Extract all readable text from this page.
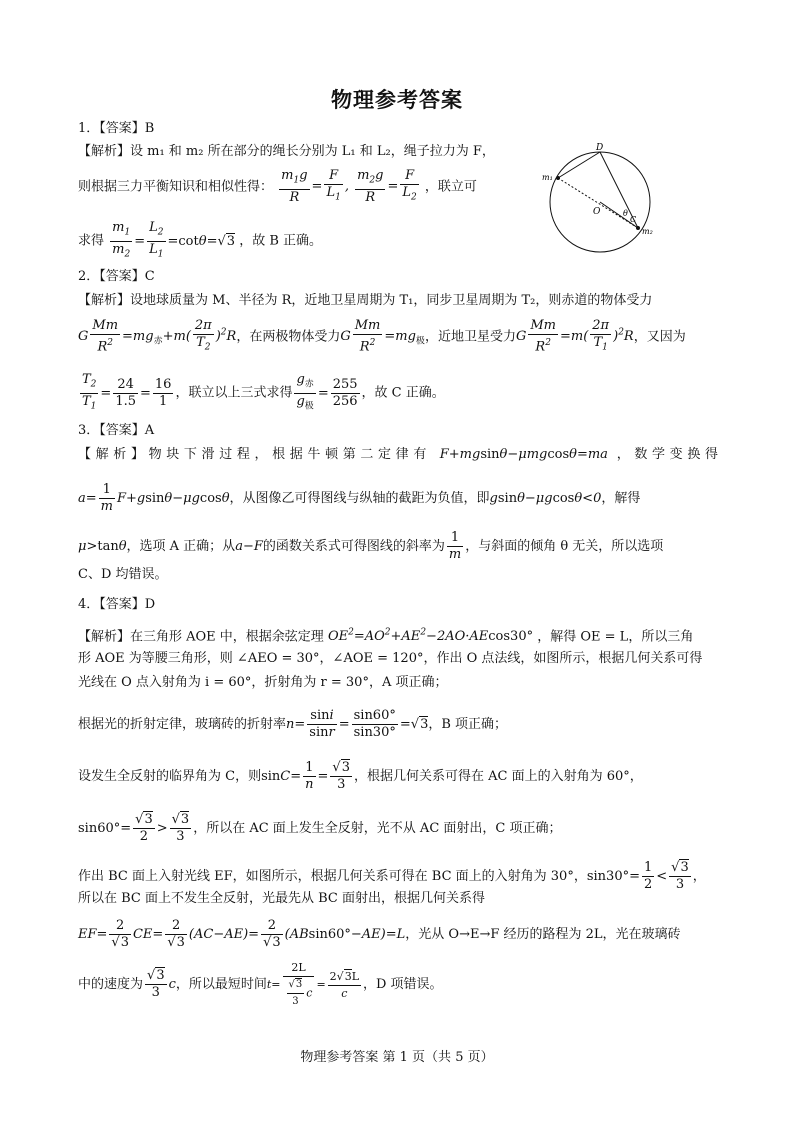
物理参考答案
1．【答案】B
【解析】设 m₁ 和 m₂ 所在部分的绳长分别为 L₁ 和 L₂，绳子拉力为 F，
则根据三力平衡知识和相似性得： $\frac{m_1g}{R} = \frac{F}{L_1}$ , $\frac{m_2g}{R} = \frac{F}{L_2}$ ，联立可
求得 $\frac{m_1}{m_2} = \frac{L_2}{L_1} =\cot\theta=√3$ ，故 B 正确。
D
m₁
O	θ
C
m₂
2．【答案】C
【解析】设地球质量为 M、半径为 R，近地卫星周期为 T₁，同步卫星周期为 T₂，则赤道的物体受力
G $\frac{Mm}{R^2} =mg_赤+m( \frac{2\pi}{T_2} )^2R$，在两极物体受力G $\frac{Mm}{R^2} =mg_极$，近地卫星受力G $\frac{Mm}{R^2} =m( \frac{2\pi}{T_1} )^2R$，又因为
$\frac{T_2}{T_1} = \frac{24}{1.5} = \frac{16}{1}$ ，联立以上三式求得 $\frac{g_赤}{g_极} = \frac{255}{256}$ ，故 C 正确。
3．【答案】A
【解析】物块下滑过程，根据牛顿第二定律有 F+mgsinθ−μmgcosθ=ma ，数学变换得
$a= \frac{1}{m} F+gsin\theta-\mu gcos\theta$，从图像乙可得图线与纵轴的截距为负值，即gsinθ−μgcosθ<0，解得
μ>tanθ，选项 A 正确；从a−F的函数关系式可得图线的斜率为 $\frac{1}{m}$ ，与斜面的倾角 θ 无关，所以选项
C、D 均错误。
4．【答案】D
【解析】在三角形 AOE 中，根据余弦定理 $OE^2=AO^2+AE^2-2AO\cdot AEcos30^\circ$ ，解得 OE = L，所以三角
形 AOE 为等腰三角形，则 ∠AEO = 30°，∠AOE = 120°，作出 O 点法线，如图所示，根据几何关系可得
光线在 O 点入射角为 i = 60°，折射角为 r = 30°，A 项正确；
根据光的折射定律，玻璃砖的折射率$n= \frac{\sin i}{\sin r} = \frac{\sin 60^\circ}{\sin 30^\circ} =√3$，B 项正确；
设发生全反射的临界角为 C，则$\sin C= \frac{1}{n} = \frac{√3}{3}$ ，根据几何关系可得在 AC 面上的入射角为 60°，
$\sin 60^\circ= \frac{√3}{2} > \frac{√3}{3}$ ，所以在 AC 面上发生全反射，光不从 AC 面射出，C 项正确；
作出 BC 面上入射光线 EF，如图所示，根据几何关系可得在 BC 面上的入射角为 30°，$\sin 30^\circ= \frac{1}{2} < \frac{√3}{3}$ ，
所以在 BC 面上不发生全反射，光最先从 BC 面射出，根据几何关系得
$EF= \frac{2}{√3} CE= \frac{2}{√3} (AC-AE)= \frac{2}{√3} (ABsin60^\circ-AE)=L$，光从 O→E→F 经历的路程为 2L，光在玻璃砖
中的速度为 $\frac{√3}{3}$ c，所以最短时间$t= \frac{2L}{\frac{√3}{3} c} = \frac{2√3L}{c}$ ，D 项错误。
物理参考答案 第 1 页（共 5 页）
